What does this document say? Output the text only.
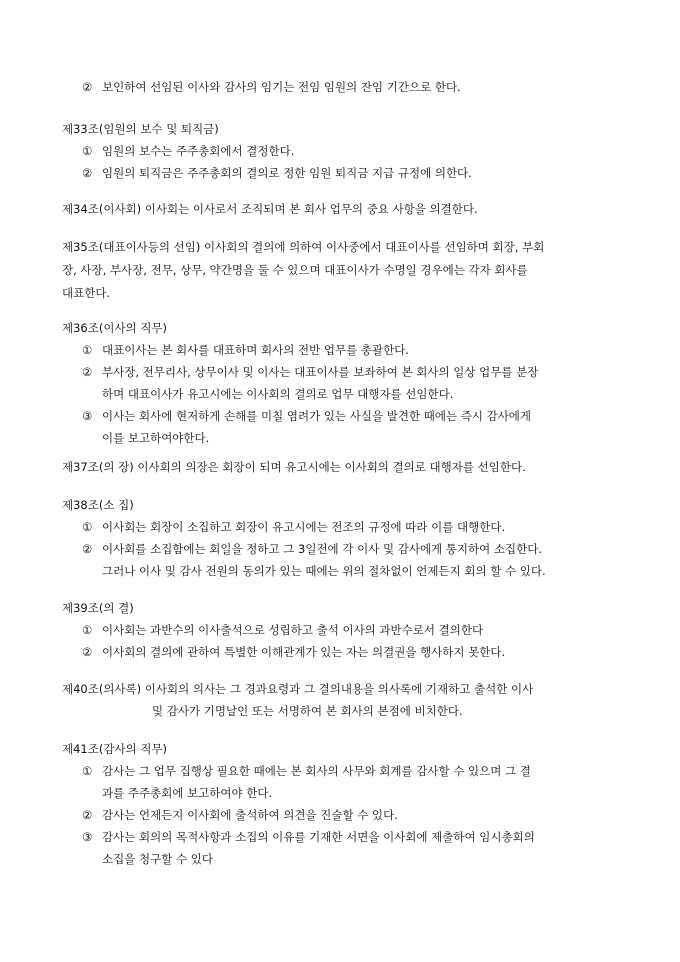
② 보인하여 선임된 이사와 감사의 임기는 전임 임원의 잔임 기간으로 한다.
제33조(임원의 보수 및 퇴직금)
① 임원의 보수는 주주총회에서 결정한다.
② 임원의 퇴직금은 주주총회의 결의로 정한 임원 퇴직금 지급 규정에 의한다.
제34조(이사회) 이사회는 이사로서 조직되며 본 회사 업무의 중요 사항을 의결한다.
제35조(대표이사등의 선임) 이사회의 결의에 의하여 이사중에서 대표이사를 선임하며 회장, 부회
장, 사장, 부사장, 전무, 상무, 약간명을 둘 수 있으며 대표이사가 수명일 경우에는 각자 회사를
대표한다.
제36조(이사의 직무)
① 대표이사는 본 회사를 대표하며 회사의 전반 업무를 총괄한다.
② 부사장, 전무리사, 상무이사 및 이사는 대표이사를 보좌하여 본 회사의 일상 업무를 분장
하며 대표이사가 유고시에는 이사회의 결의로 업무 대행자를 선임한다.
③ 이사는 회사에 현저하게 손해를 미칠 염려가 있는 사실을 발견한 때에는 즉시 감사에게
이를 보고하여야한다.
제37조(의 장) 이사회의 의장은 회장이 되며 유고시에는 이사회의 결의로 대행자를 선임한다.
제38조(소 집)
① 이사회는 회장이 소집하고 회장이 유고시에는 전조의 규정에 따라 이를 대행한다.
② 이사회를 소집함에는 회일을 정하고 그 3일전에 각 이사 및 감사에게 통지하여 소집한다.
그러나 이사 및 감사 전원의 동의가 있는 때에는 위의 절차없이 언제든지 회의 할 수 있다.
제39조(의 결)
① 이사회는 과반수의 이사출석으로 성립하고 출석 이사의 과반수로서 결의한다
② 이사회의 결의에 관하여 특별한 이해관계가 있는 자는 의결권을 행사하지 못한다.
제40조(의사록) 이사회의 의사는 그 경과요령과 그 결의내용을 의사록에 기재하고 출석한 이사
및 감사가 기명날인 또는 서명하여 본 회사의 본점에 비치한다.
제41조(감사의 직무)
① 감사는 그 업무 집행상 필요한 때에는 본 회사의 사무와 회계를 감사할 수 있으며 그 결
과를 주주총회에 보고하여야 한다.
② 감사는 언제든지 이사회에 출석하여 의견을 진술할 수 있다.
③ 감사는 회의의 목적사항과 소집의 이유를 기재한 서면을 이사회에 제출하여 임시총회의
소집을 청구할 수 있다
